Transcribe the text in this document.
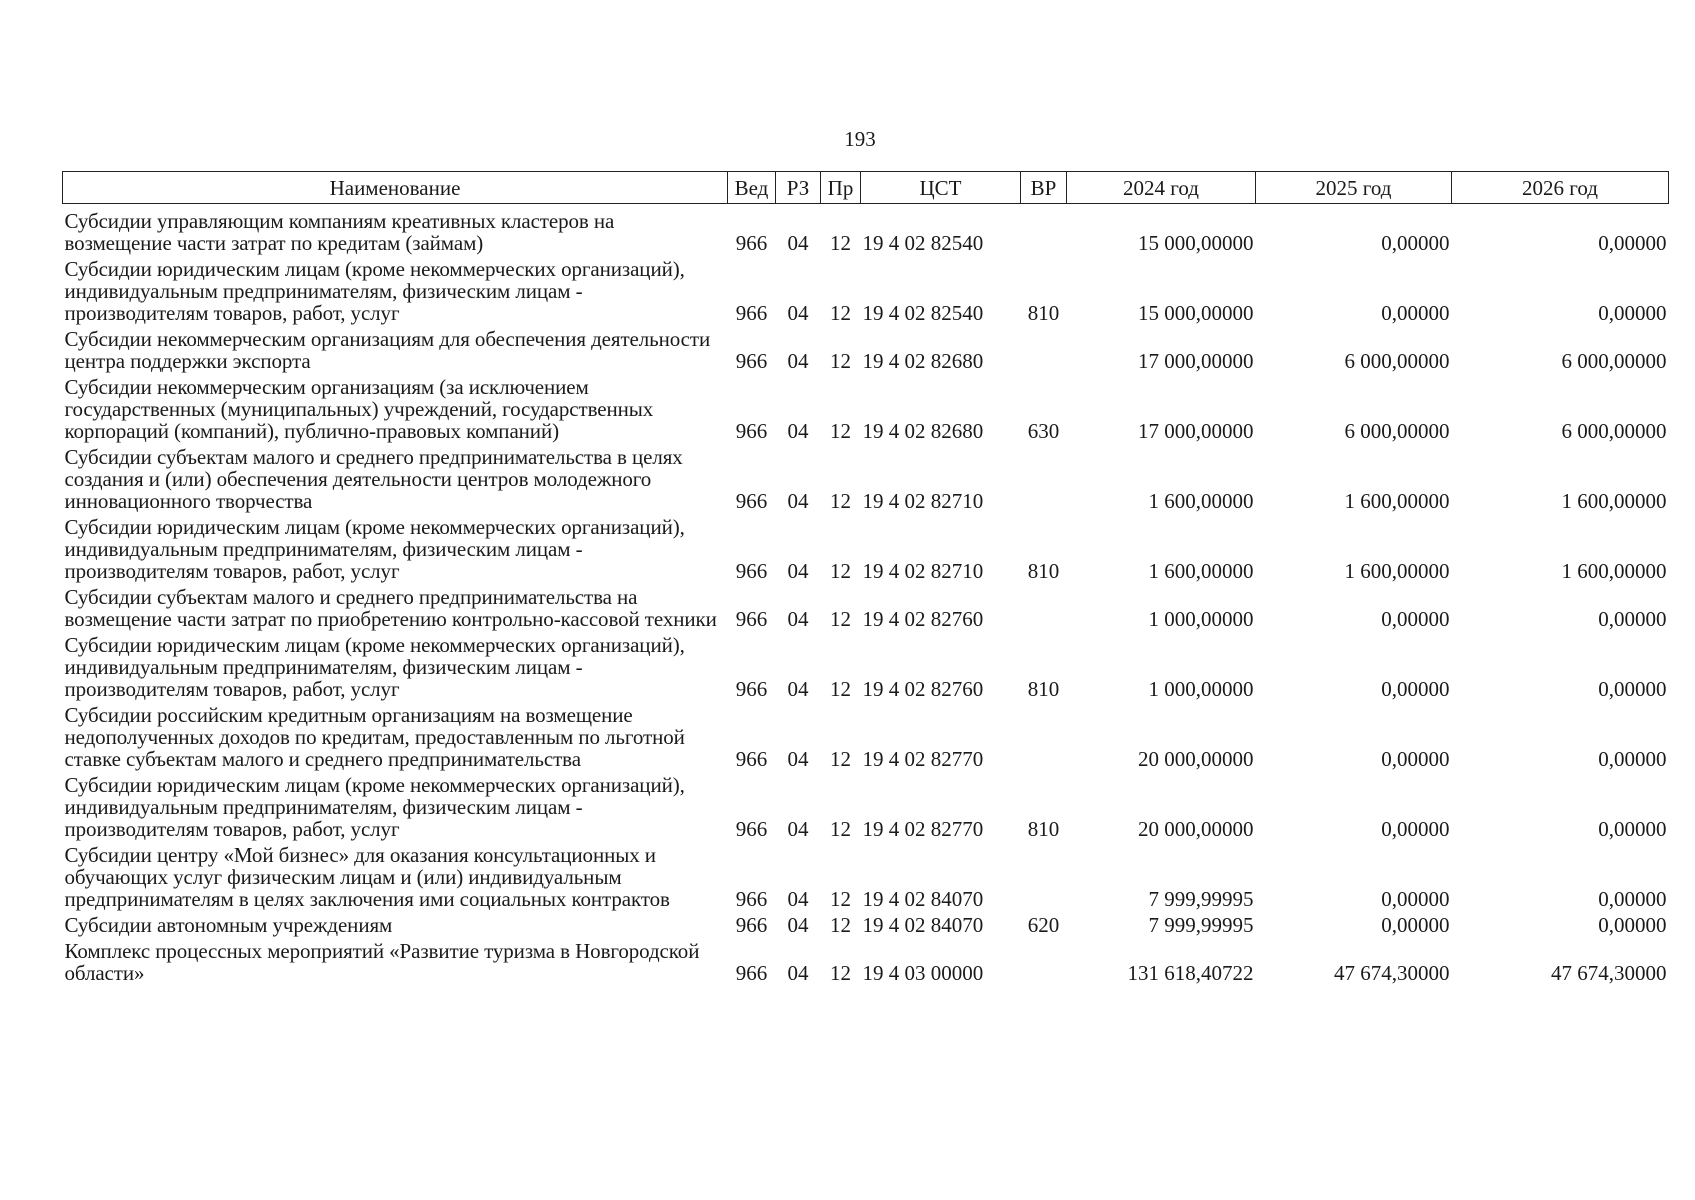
193
Наименование	Вед	РЗ	Пр	ЦСТ	ВР	2024 год	2025 год	2026 год
Субсидии управляющим компаниям креативных кластеров на возмещение части затрат по кредитам (займам)	966	04	12	19 4 02 82540		15 000,00000	0,00000	0,00000
Субсидии юридическим лицам (кроме некоммерческих организаций), индивидуальным предпринимателям, физическим лицам - производителям товаров, работ, услуг	966	04	12	19 4 02 82540	810	15 000,00000	0,00000	0,00000
Субсидии некоммерческим организациям для обеспечения деятельности центра поддержки экспорта	966	04	12	19 4 02 82680		17 000,00000	6 000,00000	6 000,00000
Субсидии некоммерческим организациям (за исключением государственных (муниципальных) учреждений, государственных корпораций (компаний), публично-правовых компаний)	966	04	12	19 4 02 82680	630	17 000,00000	6 000,00000	6 000,00000
Субсидии субъектам малого и среднего предпринимательства в целях создания и (или) обеспечения деятельности центров молодежного инновационного творчества	966	04	12	19 4 02 82710		1 600,00000	1 600,00000	1 600,00000
Субсидии юридическим лицам (кроме некоммерческих организаций), индивидуальным предпринимателям, физическим лицам - производителям товаров, работ, услуг	966	04	12	19 4 02 82710	810	1 600,00000	1 600,00000	1 600,00000
Субсидии субъектам малого и среднего предпринимательства на возмещение части затрат по приобретению контрольно-кассовой техники	966	04	12	19 4 02 82760		1 000,00000	0,00000	0,00000
Субсидии юридическим лицам (кроме некоммерческих организаций), индивидуальным предпринимателям, физическим лицам - производителям товаров, работ, услуг	966	04	12	19 4 02 82760	810	1 000,00000	0,00000	0,00000
Субсидии российским кредитным организациям на возмещение недополученных доходов по кредитам, предоставленным по льготной ставке субъектам малого и среднего предпринимательства	966	04	12	19 4 02 82770		20 000,00000	0,00000	0,00000
Субсидии юридическим лицам (кроме некоммерческих организаций), индивидуальным предпринимателям, физическим лицам - производителям товаров, работ, услуг	966	04	12	19 4 02 82770	810	20 000,00000	0,00000	0,00000
Субсидии центру «Мой бизнес» для оказания консультационных и обучающих услуг физическим лицам и (или) индивидуальным предпринимателям в целях заключения ими социальных контрактов	966	04	12	19 4 02 84070		7 999,99995	0,00000	0,00000
Субсидии автономным учреждениям	966	04	12	19 4 02 84070	620	7 999,99995	0,00000	0,00000
Комплекс процессных мероприятий «Развитие туризма в Новгородской области»	966	04	12	19 4 03 00000		131 618,40722	47 674,30000	47 674,30000
